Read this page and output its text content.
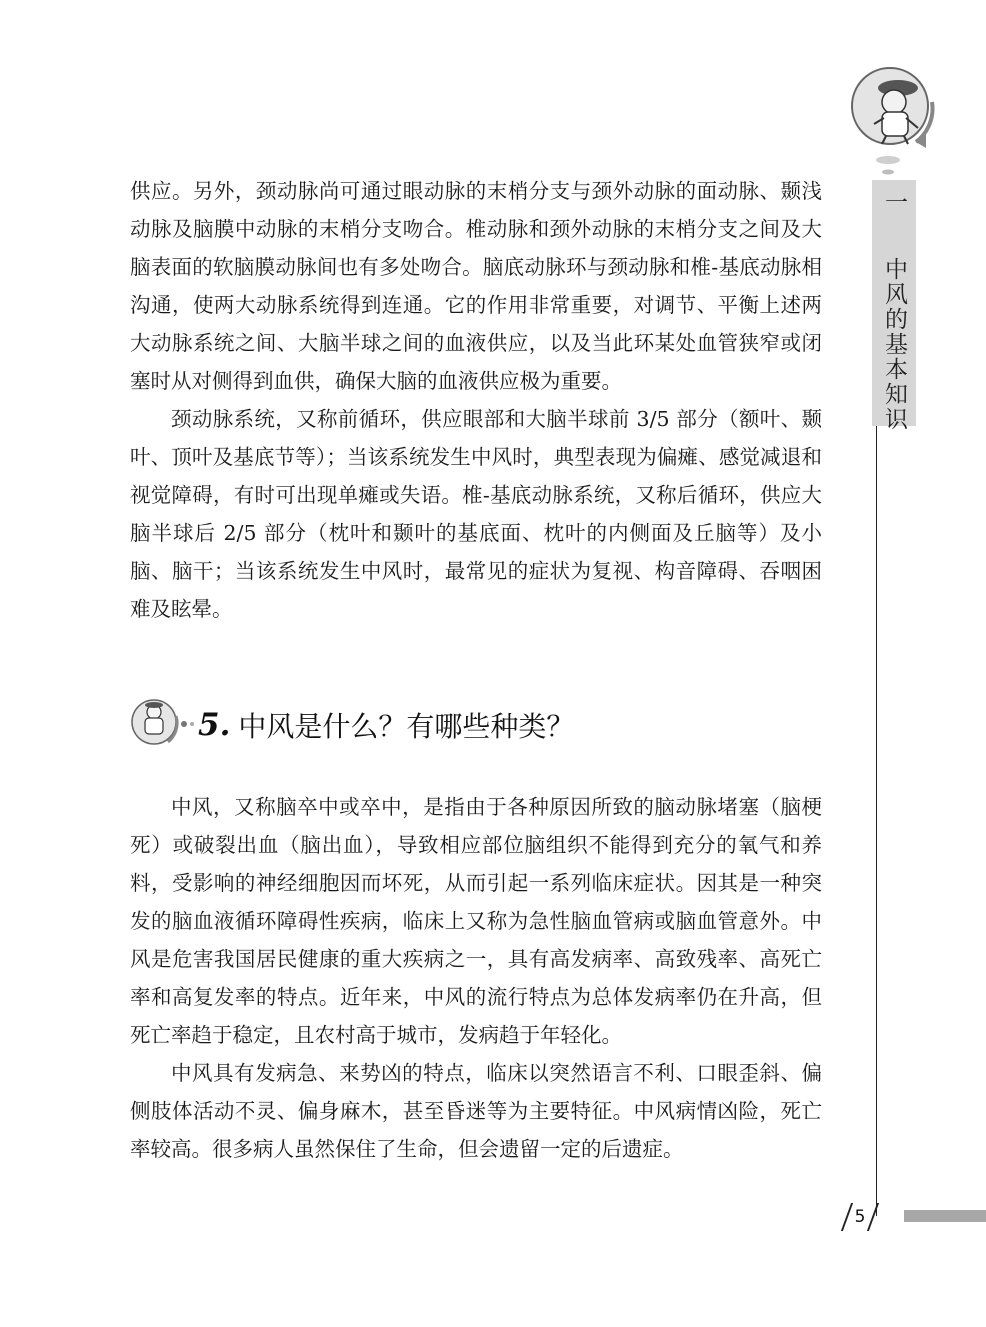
一 中风的基本知识

供应。另外，颈动脉尚可通过眼动脉的末梢分支与颈外动脉的面动脉、颞浅动脉及脑膜中动脉的末梢分支吻合。椎动脉和颈外动脉的末梢分支之间及大脑表面的软脑膜动脉间也有多处吻合。脑底动脉环与颈动脉和椎-基底动脉相沟通，使两大动脉系统得到连通。它的作用非常重要，对调节、平衡上述两大动脉系统之间、大脑半球之间的血液供应，以及当此环某处血管狭窄或闭塞时从对侧得到血供，确保大脑的血液供应极为重要。

颈动脉系统，又称前循环，供应眼部和大脑半球前 3/5 部分（额叶、颞叶、顶叶及基底节等）；当该系统发生中风时，典型表现为偏瘫、感觉减退和视觉障碍，有时可出现单瘫或失语。椎-基底动脉系统，又称后循环，供应大脑半球后 2/5 部分（枕叶和颞叶的基底面、枕叶的内侧面及丘脑等）及小脑、脑干；当该系统发生中风时，最常见的症状为复视、构音障碍、吞咽困难及眩晕。

5. 中风是什么？有哪些种类？

中风，又称脑卒中或卒中，是指由于各种原因所致的脑动脉堵塞（脑梗死）或破裂出血（脑出血），导致相应部位脑组织不能得到充分的氧气和养料，受影响的神经细胞因而坏死，从而引起一系列临床症状。因其是一种突发的脑血液循环障碍性疾病，临床上又称为急性脑血管病或脑血管意外。中风是危害我国居民健康的重大疾病之一，具有高发病率、高致残率、高死亡率和高复发率的特点。近年来，中风的流行特点为总体发病率仍在升高，但死亡率趋于稳定，且农村高于城市，发病趋于年轻化。

中风具有发病急、来势凶的特点，临床以突然语言不利、口眼歪斜、偏侧肢体活动不灵、偏身麻木，甚至昏迷等为主要特征。中风病情凶险，死亡率较高。很多病人虽然保住了生命，但会遗留一定的后遗症。

5
